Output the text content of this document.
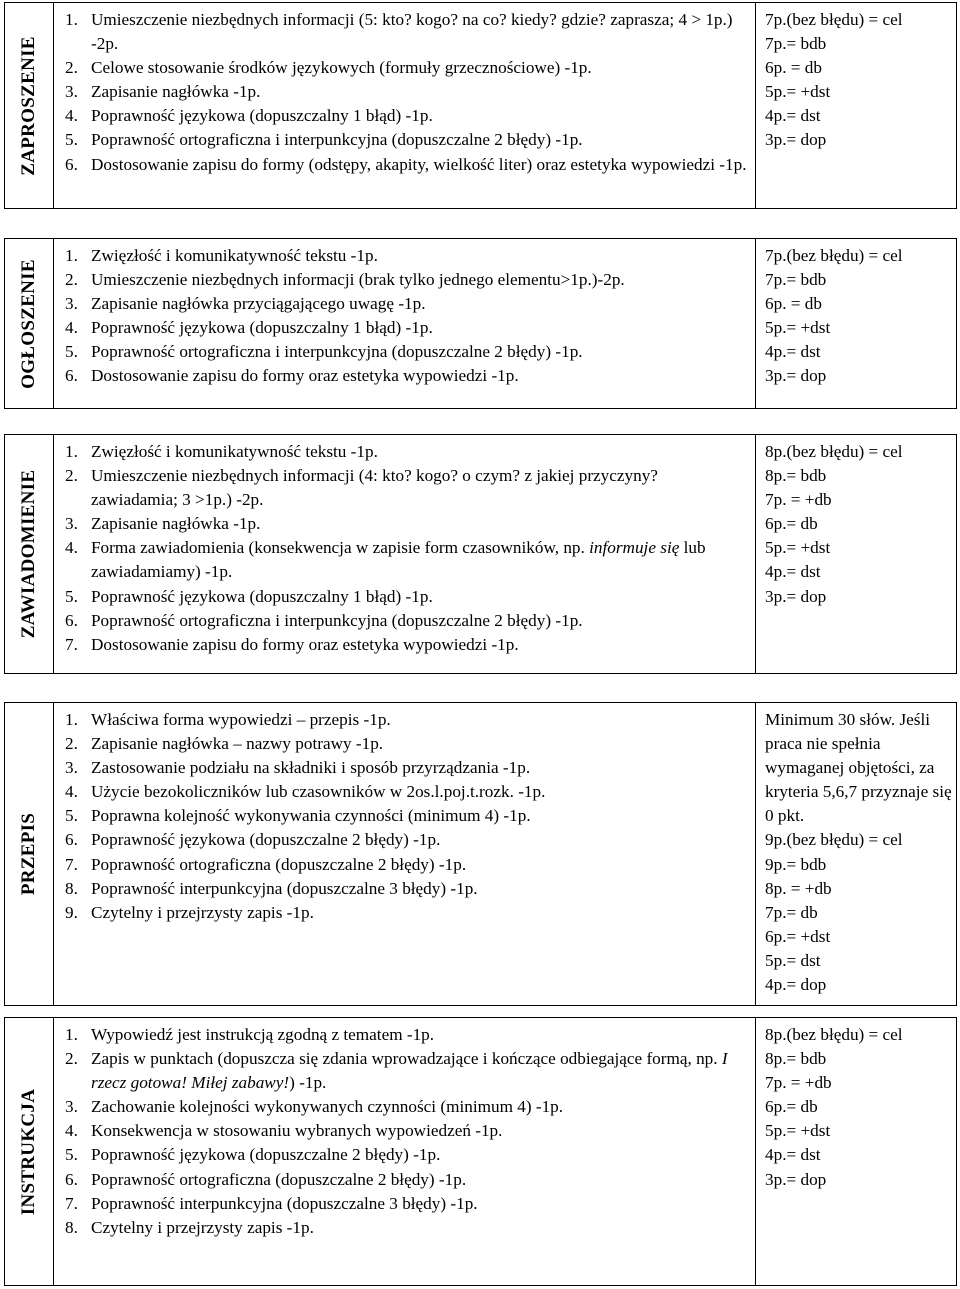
ZAPROSZENIE
1. Umieszczenie niezbędnych informacji (5: kto? kogo? na co? kiedy? gdzie? zaprasza; 4 > 1p.) -2p.
2. Celowe stosowanie środków językowych (formuły grzecznościowe) -1p.
3. Zapisanie nagłówka -1p.
4. Poprawność językowa (dopuszczalny 1 błąd) -1p.
5. Poprawność ortograficzna i interpunkcyjna (dopuszczalne 2 błędy) -1p.
6. Dostosowanie zapisu do formy (odstępy, akapity, wielkość liter) oraz estetyka wypowiedzi -1p.
7p.(bez błędu) = cel
7p.= bdb
6p. = db
5p.= +dst
4p.= dst
3p.= dop
OGŁOSZENIE
1. Zwięzłość i komunikatywność tekstu -1p.
2. Umieszczenie niezbędnych informacji (brak tylko jednego elementu>1p.)-2p.
3. Zapisanie nagłówka przyciągającego uwagę -1p.
4. Poprawność językowa (dopuszczalny 1 błąd) -1p.
5. Poprawność ortograficzna i interpunkcyjna (dopuszczalne 2 błędy) -1p.
6. Dostosowanie zapisu do formy oraz estetyka wypowiedzi -1p.
7p.(bez błędu) = cel
7p.= bdb
6p. = db
5p.= +dst
4p.= dst
3p.= dop
ZAWIADOMIENIE
1. Zwięzłość i komunikatywność tekstu -1p.
2. Umieszczenie niezbędnych informacji (4: kto? kogo? o czym? z jakiej przyczyny? zawiadamia; 3 >1p.) -2p.
3. Zapisanie nagłówka -1p.
4. Forma zawiadomienia (konsekwencja w zapisie form czasowników, np. informuje się lub zawiadamiamy) -1p.
5. Poprawność językowa (dopuszczalny 1 błąd) -1p.
6. Poprawność ortograficzna i interpunkcyjna (dopuszczalne 2 błędy) -1p.
7. Dostosowanie zapisu do formy oraz estetyka wypowiedzi -1p.
8p.(bez błędu) = cel
8p.= bdb
7p. = +db
6p.= db
5p.= +dst
4p.= dst
3p.= dop
PRZEPIS
1. Właściwa forma wypowiedzi – przepis -1p.
2. Zapisanie nagłówka – nazwy potrawy -1p.
3. Zastosowanie podziału na składniki i sposób przyrządzania -1p.
4. Użycie bezokoliczników lub czasowników w 2os.l.poj.t.rozk. -1p.
5. Poprawna kolejność wykonywania czynności (minimum 4) -1p.
6. Poprawność językowa (dopuszczalne 2 błędy) -1p.
7. Poprawność ortograficzna (dopuszczalne 2 błędy) -1p.
8. Poprawność interpunkcyjna (dopuszczalne 3 błędy) -1p.
9. Czytelny i przejrzysty zapis -1p.
Minimum 30 słów. Jeśli praca nie spełnia wymaganej objętości, za kryteria 5,6,7 przyznaje się 0 pkt.
9p.(bez błędu) = cel
9p.= bdb
8p. = +db
7p.= db
6p.= +dst
5p.= dst
4p.= dop
INSTRUKCJA
1. Wypowiedź jest instrukcją zgodną z tematem -1p.
2. Zapis w punktach (dopuszcza się zdania wprowadzające i kończące odbiegające formą, np. I rzecz gotowa! Miłej zabawy!) -1p.
3. Zachowanie kolejności wykonywanych czynności (minimum 4) -1p.
4. Konsekwencja w stosowaniu wybranych wypowiedzeń -1p.
5. Poprawność językowa (dopuszczalne 2 błędy) -1p.
6. Poprawność ortograficzna (dopuszczalne 2 błędy) -1p.
7. Poprawność interpunkcyjna (dopuszczalne 3 błędy) -1p.
8. Czytelny i przejrzysty zapis -1p.
8p.(bez błędu) = cel
8p.= bdb
7p. = +db
6p.= db
5p.= +dst
4p.= dst
3p.= dop
